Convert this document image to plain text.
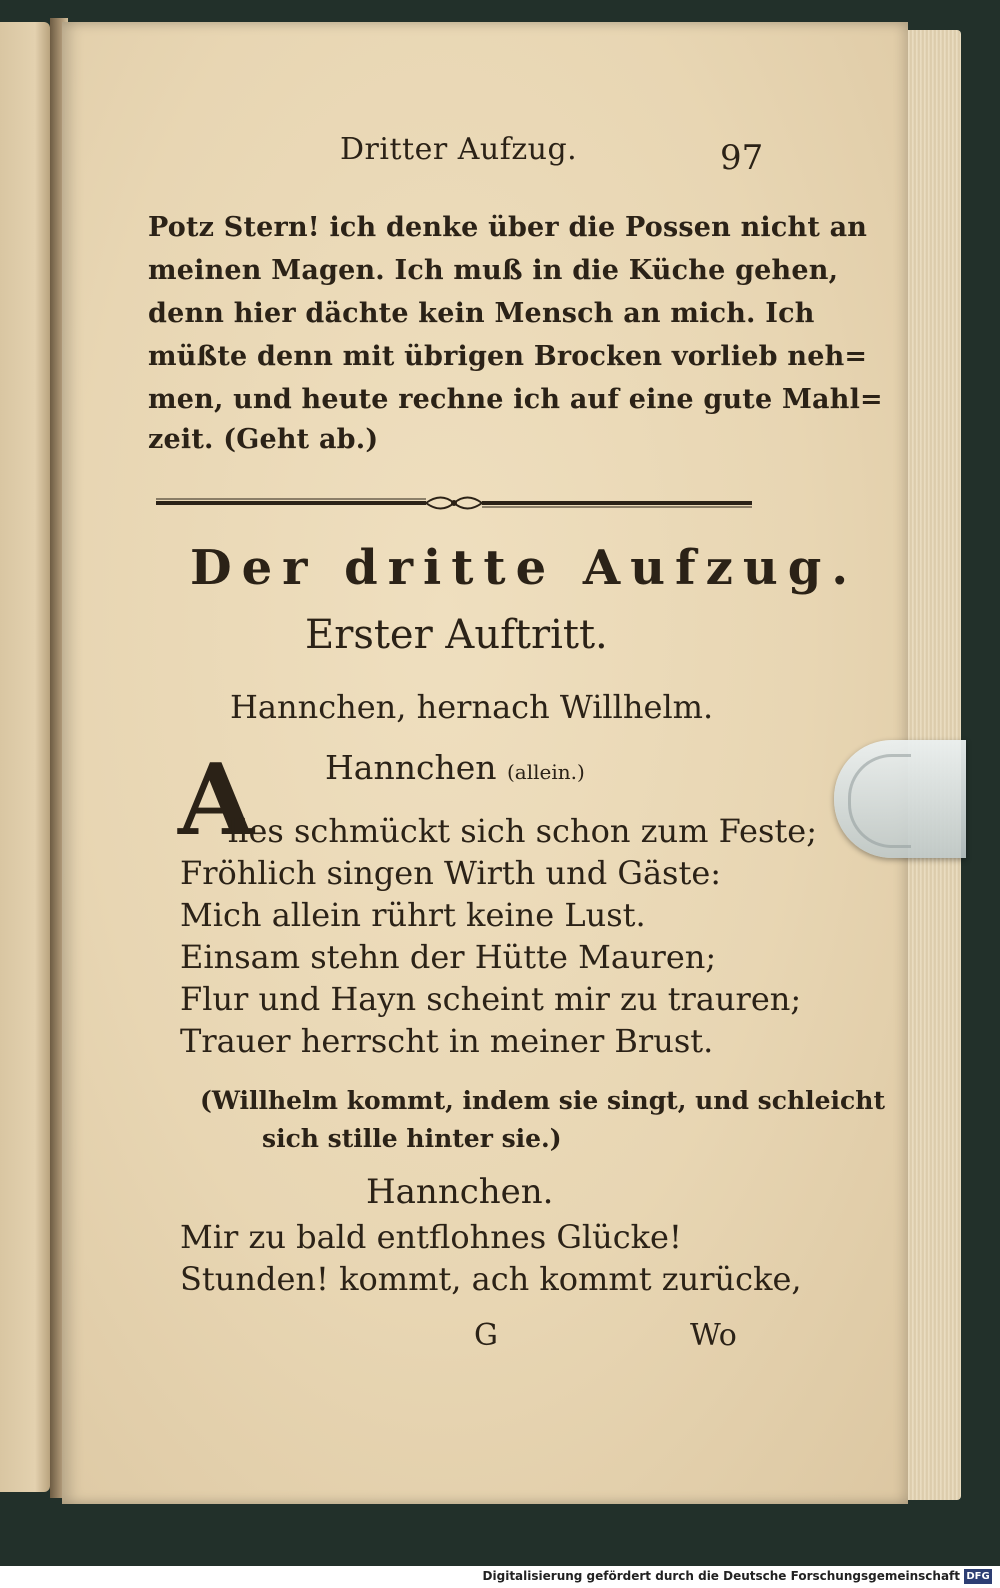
Dritter Aufzug.	97
Potz Stern! ich denke über die Possen nicht an
meinen Magen. Ich muß in die Küche gehen,
denn hier dächte kein Mensch an mich. Ich
müßte denn mit übrigen Brocken vorlieb neh=
men, und heute rechne ich auf eine gute Mahl=
zeit. (Geht ab.)
Der dritte Aufzug.
Erster Auftritt.
Hannchen, hernach Willhelm.
Hannchen (allein.)
A
lles schmückt sich schon zum Feste;
Fröhlich singen Wirth und Gäste:
Mich allein rührt keine Lust.
Einsam stehn der Hütte Mauren;
Flur und Hayn scheint mir zu trauren;
Trauer herrscht in meiner Brust.
(Willhelm kommt, indem sie singt, und schleicht
sich stille hinter sie.)
Hannchen.
Mir zu bald entflohnes Glücke!
Stunden! kommt, ach kommt zurücke,
G	Wo
Digitalisierung gefördert durch die Deutsche Forschungsgemeinschaft DFG
